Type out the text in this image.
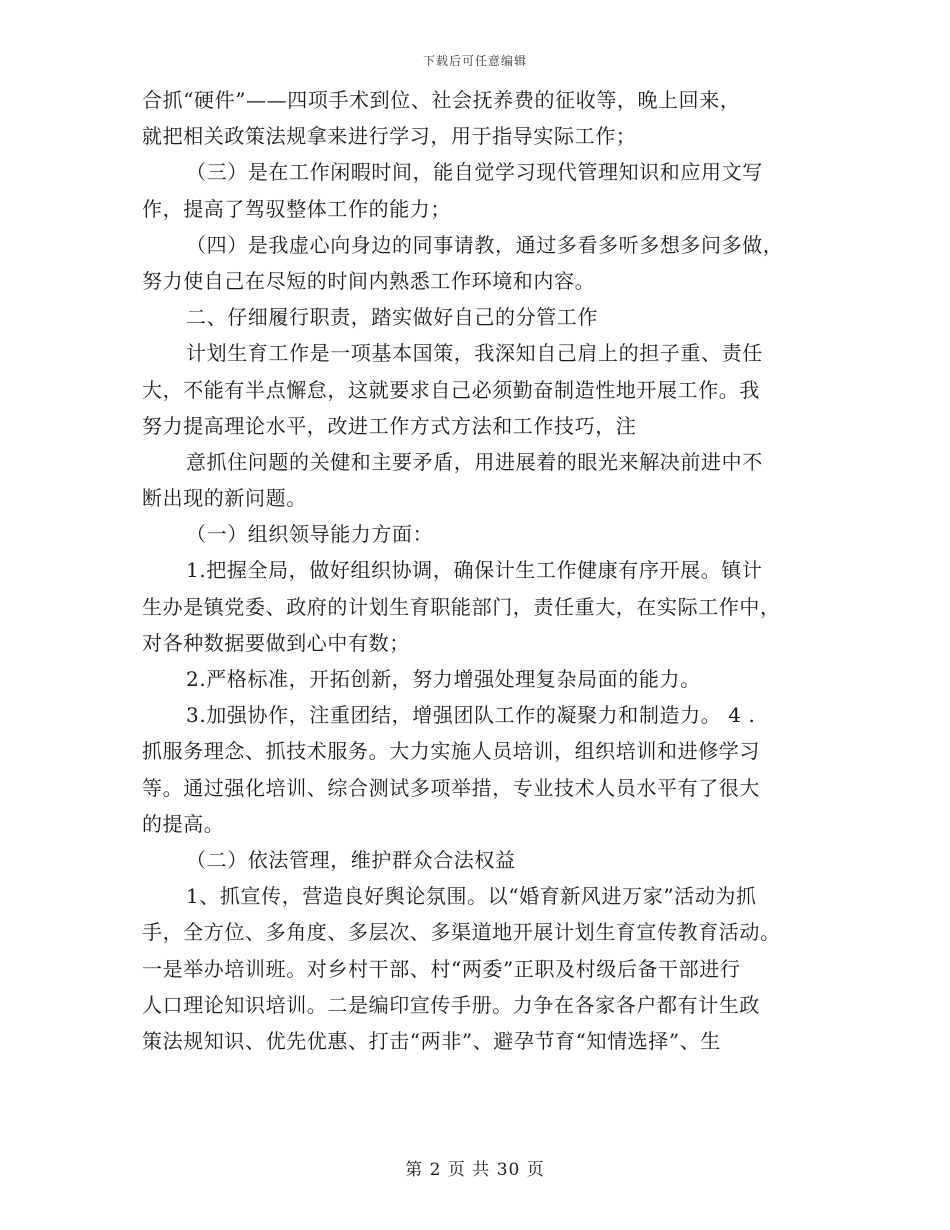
下载后可任意编辑
合抓“硬件”——四项手术到位、社会抚养费的征收等，晚上回来，
就把相关政策法规拿来进行学习，用于指导实际工作；
（三）是在工作闲暇时间，能自觉学习现代管理知识和应用文写
作，提高了驾驭整体工作的能力；
（四）是我虚心向身边的同事请教，通过多看多听多想多问多做，
努力使自己在尽短的时间内熟悉工作环境和内容。
二、仔细履行职责，踏实做好自己的分管工作
计划生育工作是一项基本国策，我深知自己肩上的担子重、责任
大，不能有半点懈怠，这就要求自己必须勤奋制造性地开展工作。我
努力提高理论水平，改进工作方式方法和工作技巧，注
意抓住问题的关健和主要矛盾，用进展着的眼光来解决前进中不
断出现的新问题。
（一）组织领导能力方面：
1.把握全局，做好组织协调，确保计生工作健康有序开展。镇计
生办是镇党委、政府的计划生育职能部门，责任重大，在实际工作中，
对各种数据要做到心中有数；
2.严格标准，开拓创新，努力增强处理复杂局面的能力。
3.加强协作，注重团结，增强团队工作的凝聚力和制造力。 4 .
抓服务理念、抓技术服务。大力实施人员培训，组织培训和进修学习
等。通过强化培训、综合测试多项举措，专业技术人员水平有了很大
的提高。
（二）依法管理，维护群众合法权益
1、抓宣传，营造良好舆论氛围。以“婚育新风进万家”活动为抓
手，全方位、多角度、多层次、多渠道地开展计划生育宣传教育活动。
一是举办培训班。对乡村干部、村“两委”正职及村级后备干部进行
人口理论知识培训。二是编印宣传手册。力争在各家各户都有计生政
策法规知识、优先优惠、打击“两非”、避孕节育“知情选择”、生
第 2 页 共 30 页
